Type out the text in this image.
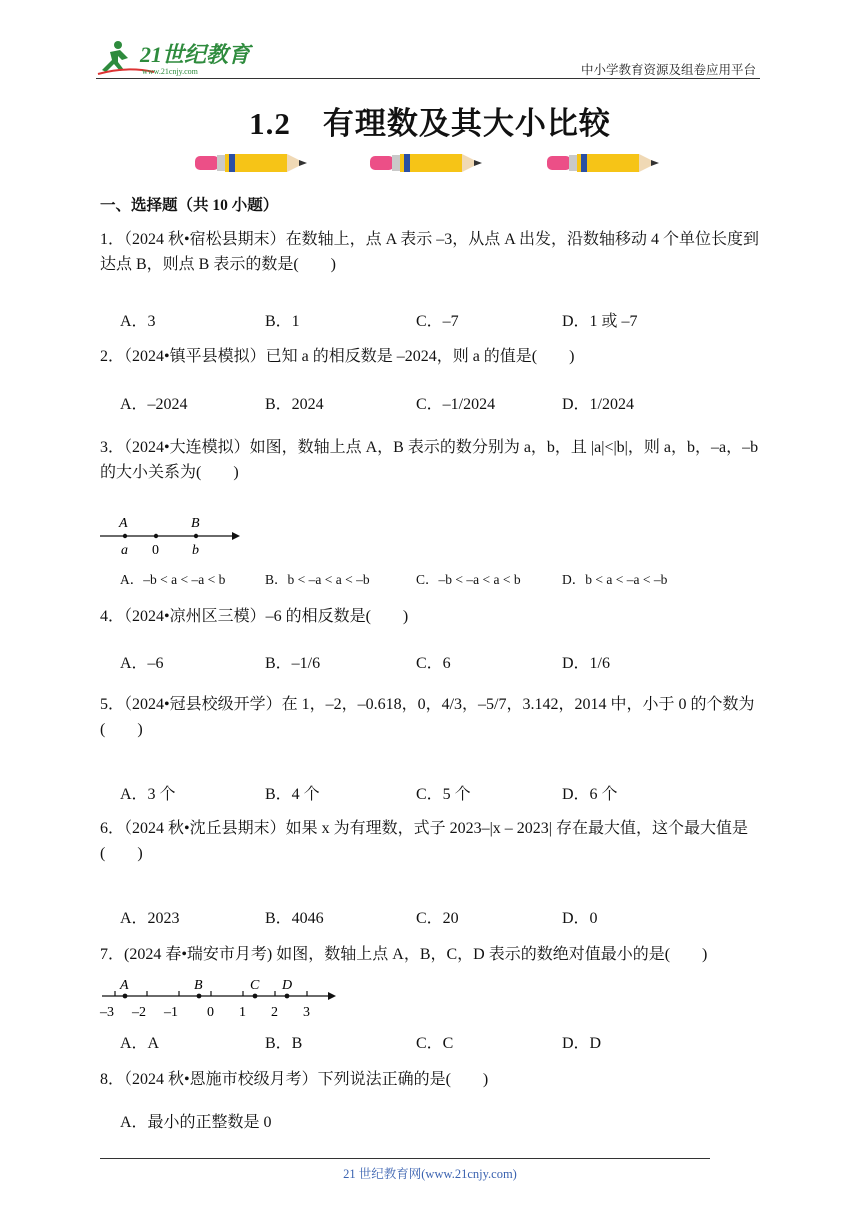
21世纪教育
www.21cnjy.com	中小学教育资源及组卷应用平台
1.2　有理数及其大小比较
一、选择题（共 10 小题）
1．（2024 秋•宿松县期末）在数轴上，点 A 表示 –3，从点 A 出发，沿数轴移动 4 个单位长度到达点 B，则点 B 表示的数是(　　)
A．3	B．1	C．–7	D．1 或 –7
2．（2024•镇平县模拟）已知 a 的相反数是 –2024，则 a 的值是(　　)
A．–2024	B．2024	C．–1/2024	D．1/2024
3．（2024•大连模拟）如图，数轴上点 A，B 表示的数分别为 a，b，且 |a|<|b|，则 a，b，–a，–b 的大小关系为(　　)
A	B
a 0 b
A．–b < a < –a < b	B．b < –a < a < –b	C．–b < –a < a < b	D．b < a < –a < –b
4．（2024•凉州区三模）–6 的相反数是(　　)
A．–6	B．–1/6	C．6	D．1/6
5．（2024•冠县校级开学）在 1，–2，–0.618，0，4/3，–5/7，3.142，2014 中，小于 0 的个数为(　　)
A．3 个	B．4 个	C．5 个	D．6 个
6．（2024 秋•沈丘县期末）如果 x 为有理数，式子 2023–|x – 2023| 存在最大值，这个最大值是(　　)
A．2023	B．4046	C．20	D．0
7．(2024 春•瑞安市月考) 如图，数轴上点 A，B，C，D 表示的数绝对值最小的是(　　)
A	B	C D
–3 –2 –1 0 1 2 3
A．A	B．B	C．C	D．D
8．（2024 秋•恩施市校级月考）下列说法正确的是(　　)
A．最小的正整数是 0
21 世纪教育网(www.21cnjy.com)
